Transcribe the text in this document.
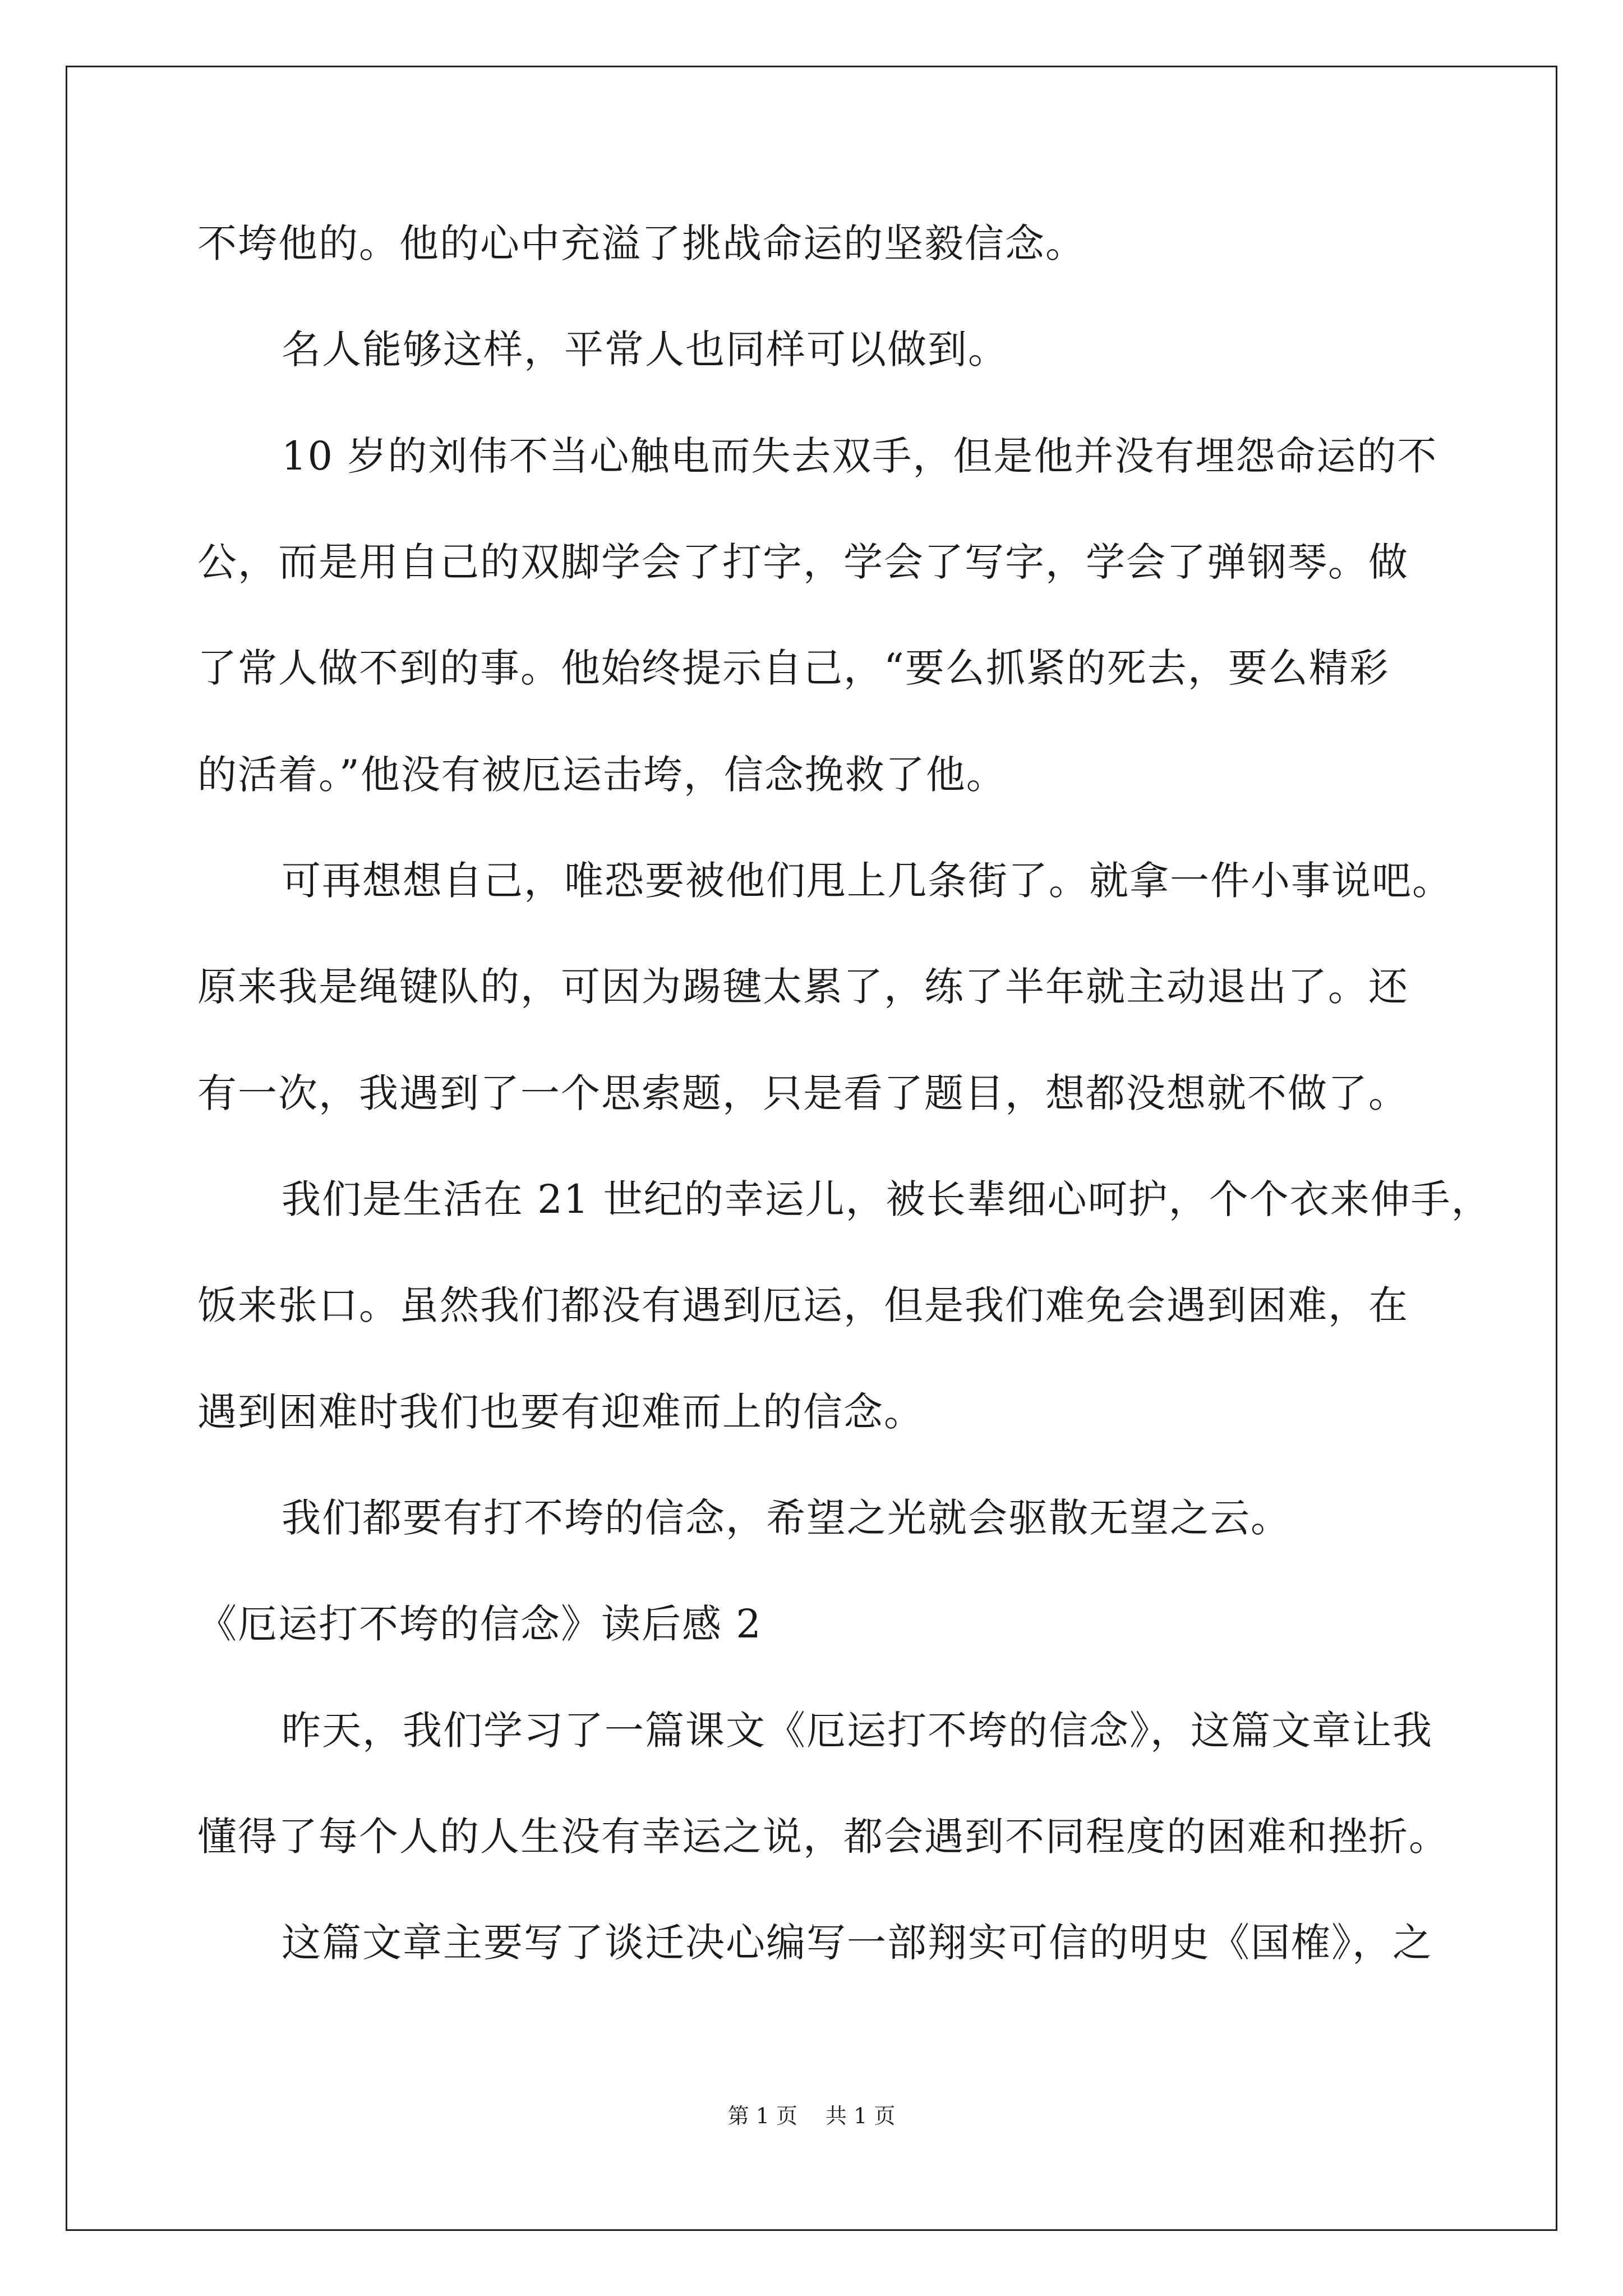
不垮他的。他的心中充溢了挑战命运的坚毅信念。
名人能够这样，平常人也同样可以做到。
10 岁的刘伟不当心触电而失去双手，但是他并没有埋怨命运的不
公，而是用自己的双脚学会了打字，学会了写字，学会了弹钢琴。做
了常人做不到的事。他始终提示自己，“要么抓紧的死去，要么精彩
的活着。”他没有被厄运击垮，信念挽救了他。
可再想想自己，唯恐要被他们甩上几条街了。就拿一件小事说吧。
原来我是绳键队的，可因为踢毽太累了，练了半年就主动退出了。还
有一次，我遇到了一个思索题，只是看了题目，想都没想就不做了。
我们是生活在 21 世纪的幸运儿，被长辈细心呵护，个个衣来伸手，
饭来张口。虽然我们都没有遇到厄运，但是我们难免会遇到困难，在
遇到困难时我们也要有迎难而上的信念。
我们都要有打不垮的信念，希望之光就会驱散无望之云。
《厄运打不垮的信念》读后感 2
昨天，我们学习了一篇课文《厄运打不垮的信念》，这篇文章让我
懂得了每个人的人生没有幸运之说，都会遇到不同程度的困难和挫折。
这篇文章主要写了谈迁决心编写一部翔实可信的明史《国榷》，之
第 1 页 共 1 页
